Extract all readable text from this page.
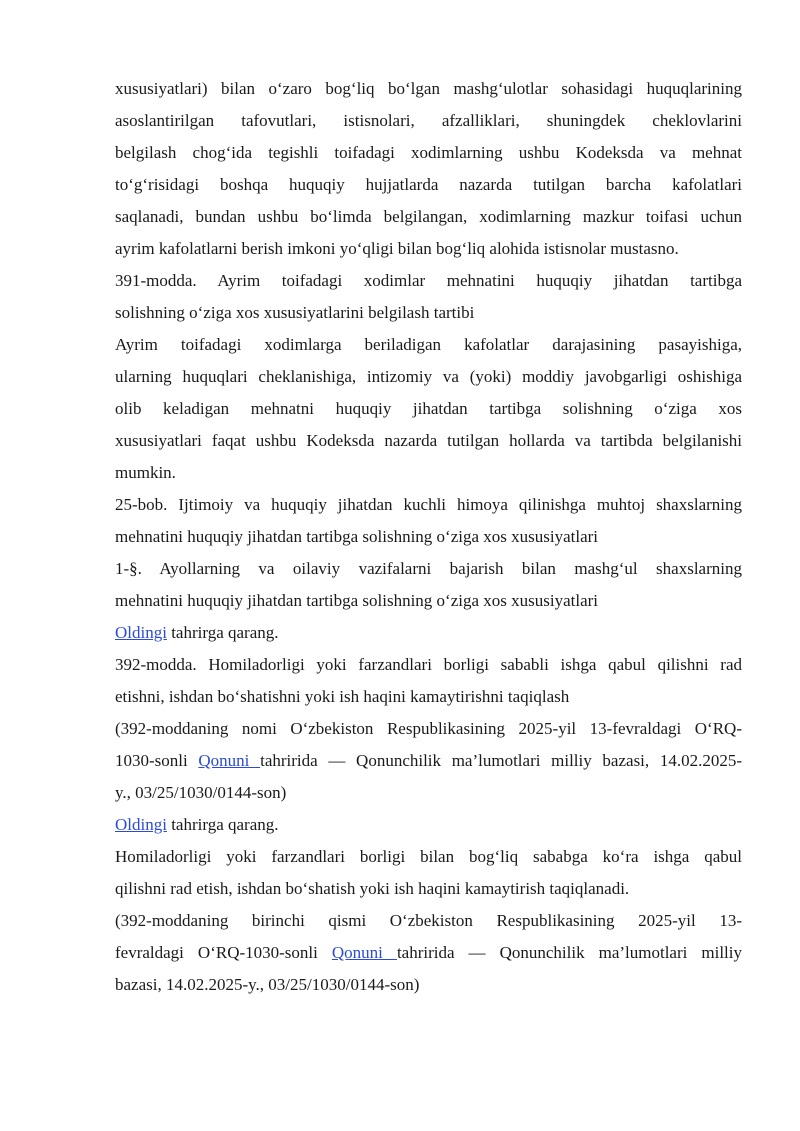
xususiyatlari) bilan o‘zaro bog‘liq bo‘lgan mashg‘ulotlar sohasidagi huquqlarining

asoslantirilgan tafovutlari, istisnolari, afzalliklari, shuningdek cheklovlarini

belgilash chog‘ida tegishli toifadagi xodimlarning ushbu Kodeksda va mehnat

to‘g‘risidagi boshqa huquqiy hujjatlarda nazarda tutilgan barcha kafolatlari

saqlanadi, bundan ushbu bo‘limda belgilangan, xodimlarning mazkur toifasi uchun

ayrim kafolatlarni berish imkoni yo‘qligi bilan bog‘liq alohida istisnolar mustasno.

391-modda. Ayrim toifadagi xodimlar mehnatini huquqiy jihatdan tartibga

solishning o‘ziga xos xususiyatlarini belgilash tartibi

Ayrim toifadagi xodimlarga beriladigan kafolatlar darajasining pasayishiga,

ularning huquqlari cheklanishiga, intizomiy va (yoki) moddiy javobgarligi oshishiga

olib keladigan mehnatni huquqiy jihatdan tartibga solishning o‘ziga xos

xususiyatlari faqat ushbu Kodeksda nazarda tutilgan hollarda va tartibda belgilanishi

mumkin.

25-bob. Ijtimoiy va huquqiy jihatdan kuchli himoya qilinishga muhtoj shaxslarning

mehnatini huquqiy jihatdan tartibga solishning o‘ziga xos xususiyatlari

1-§. Ayollarning va oilaviy vazifalarni bajarish bilan mashg‘ul shaxslarning

mehnatini huquqiy jihatdan tartibga solishning o‘ziga xos xususiyatlari

Oldingi tahrirga qarang.

392-modda. Homiladorligi yoki farzandlari borligi sababli ishga qabul qilishni rad

etishni, ishdan bo‘shatishni yoki ish haqini kamaytirishni taqiqlash

(392-moddaning nomi O‘zbekiston Respublikasining 2025-yil 13-fevraldagi O‘RQ-

1030-sonli Qonuni tahririda — Qonunchilik ma’lumotlari milliy bazasi, 14.02.2025-

y., 03/25/1030/0144-son)

Oldingi tahrirga qarang.

Homiladorligi yoki farzandlari borligi bilan bog‘liq sababga ko‘ra ishga qabul

qilishni rad etish, ishdan bo‘shatish yoki ish haqini kamaytirish taqiqlanadi.

(392-moddaning birinchi qismi O‘zbekiston Respublikasining 2025-yil 13-

fevraldagi O‘RQ-1030-sonli Qonuni tahririda — Qonunchilik ma’lumotlari milliy

bazasi, 14.02.2025-y., 03/25/1030/0144-son)
